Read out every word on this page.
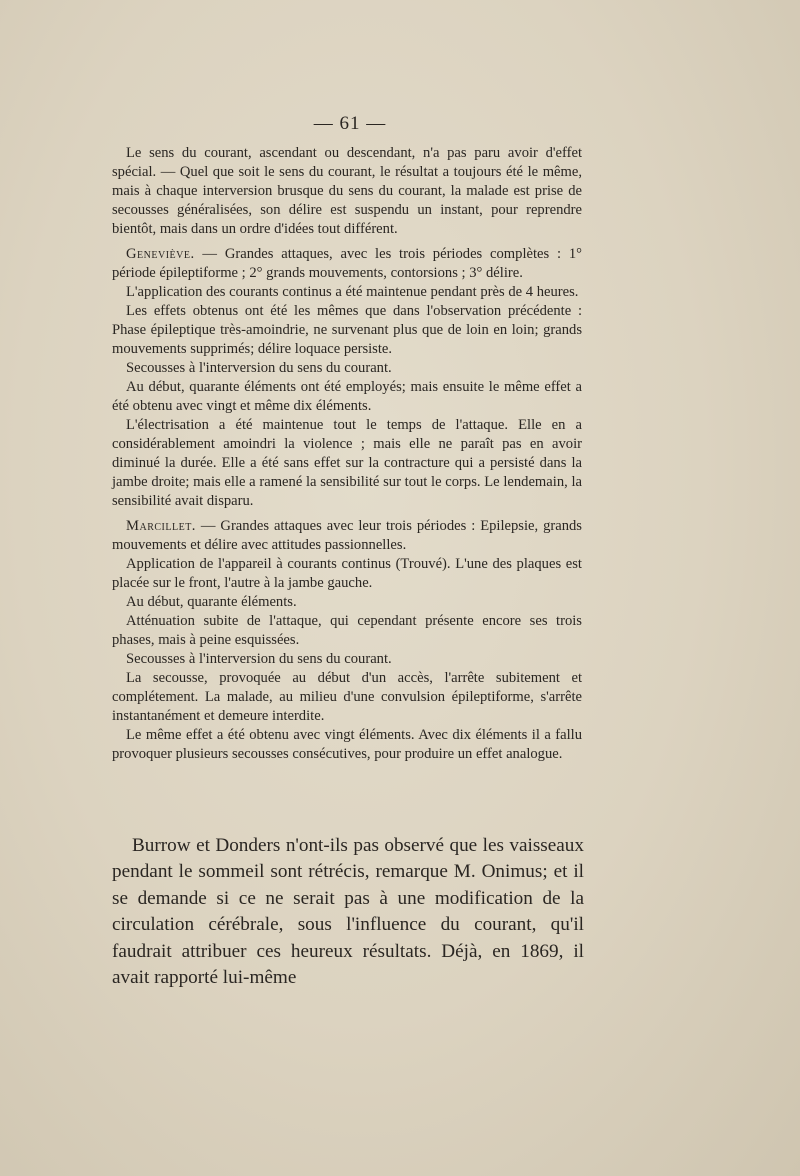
— 61 —

Le sens du courant, ascendant ou descendant, n'a pas paru avoir d'effet spécial. — Quel que soit le sens du courant, le résultat a toujours été le même, mais à chaque interversion brusque du sens du courant, la malade est prise de secousses généralisées, son délire est suspendu un instant, pour reprendre bientôt, mais dans un ordre d'idées tout différent.

Geneviève. — Grandes attaques, avec les trois périodes complètes : 1° période épileptiforme ; 2° grands mouvements, contorsions ; 3° délire.

L'application des courants continus a été maintenue pendant près de 4 heures.

Les effets obtenus ont été les mêmes que dans l'observation précédente : Phase épileptique très-amoindrie, ne survenant plus que de loin en loin; grands mouvements supprimés; délire loquace persiste.

Secousses à l'interversion du sens du courant.

Au début, quarante éléments ont été employés; mais ensuite le même effet a été obtenu avec vingt et même dix éléments.

L'électrisation a été maintenue tout le temps de l'attaque. Elle en a considérablement amoindri la violence ; mais elle ne paraît pas en avoir diminué la durée. Elle a été sans effet sur la contracture qui a persisté dans la jambe droite; mais elle a ramené la sensibilité sur tout le corps. Le lendemain, la sensibilité avait disparu.

Marcillet. — Grandes attaques avec leur trois périodes : Epilepsie, grands mouvements et délire avec attitudes passionnelles.

Application de l'appareil à courants continus (Trouvé). L'une des plaques est placée sur le front, l'autre à la jambe gauche.

Au début, quarante éléments.

Atténuation subite de l'attaque, qui cependant présente encore ses trois phases, mais à peine esquissées.

Secousses à l'interversion du sens du courant.

La secousse, provoquée au début d'un accès, l'arrête subitement et complétement. La malade, au milieu d'une convulsion épileptiforme, s'arrête instantanément et demeure interdite.

Le même effet a été obtenu avec vingt éléments. Avec dix éléments il a fallu provoquer plusieurs secousses consécutives, pour produire un effet analogue.

Burrow et Donders n'ont-ils pas observé que les vaisseaux pendant le sommeil sont rétrécis, remarque M. Onimus; et il se demande si ce ne serait pas à une modification de la circulation cérébrale, sous l'influence du courant, qu'il faudrait attribuer ces heureux résultats. Déjà, en 1869, il avait rapporté lui-même
